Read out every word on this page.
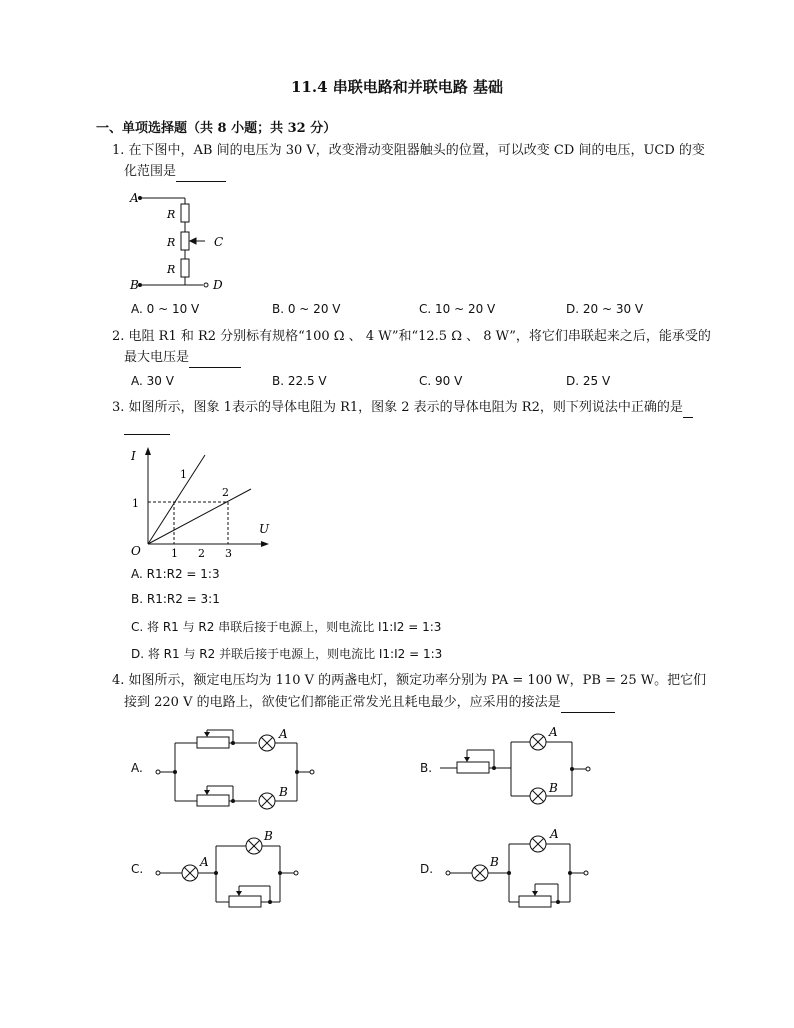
11.4 串联电路和并联电路 基础
一、单项选择题（共 8 小题；共 32 分）
1. 在下图中，AB 间的电压为 30 V，改变滑动变阻器触头的位置，可以改变 CD 间的电压，UCD 的变
化范围是
A
B
C
D
R
R
R
A. 0 ~ 10 V	B. 0 ~ 20 V	C. 10 ~ 20 V	D. 20 ~ 30 V
2. 电阻 R1 和 R2 分别标有规格“100 Ω 、 4 W”和“12.5 Ω 、 8 W”，将它们串联起来之后，能承受的
最大电压是
A. 30 V	B. 22.5 V	C. 90 V	D. 25 V
3. 如图所示，图象 1表示的导体电阻为 R1，图象 2 表示的导体电阻为 R2，则下列说法中正确的是
I
U
O
1
1 2 3
1
2
A. R1:R2 = 1:3
B. R1:R2 = 3:1
C. 将 R1 与 R2 串联后接于电源上，则电流比 I1:I2 = 1:3
D. 将 R1 与 R2 并联后接于电源上，则电流比 I1:I2 = 1:3
4. 如图所示，额定电压均为 110 V 的两盏电灯，额定功率分别为 PA = 100 W，PB = 25 W。把它们
接到 220 V 的电路上，欲使它们都能正常发光且耗电最少，应采用的接法是
A.
A
B
B.
A
B
C.	A
B
D.	B
A
